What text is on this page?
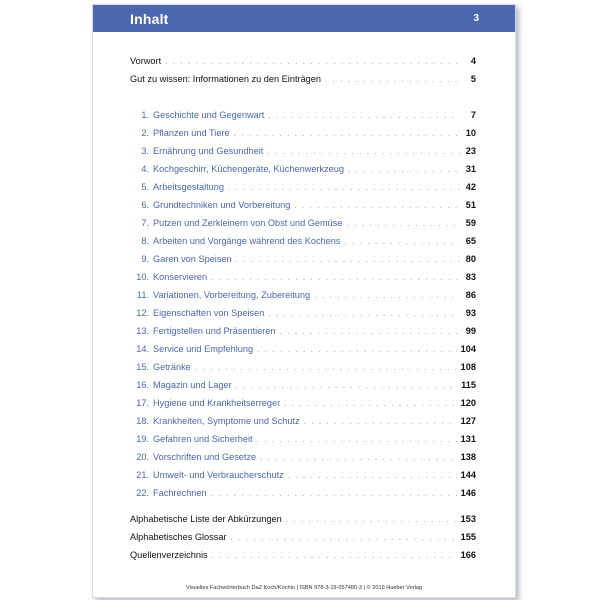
Inhalt	3
Vorwort . . .	4
Gut zu wissen: Informationen zu den Einträgen . . .	5
1. Geschichte und Gegenwart . . .	7
2. Pflanzen und Tiere . . .	10
3. Ernährung und Gesundheit . . .	23
4. Kochgeschirr, Küchengeräte, Küchenwerkzeug . . .	31
5. Arbeitsgestaltung . . .	42
6. Grundtechniken und Vorbereitung . . .	51
7. Putzen und Zerkleinern von Obst und Gemüse . . .	59
8. Arbeiten und Vorgänge während des Kochens . . .	65
9. Garen von Speisen . . .	80
10. Konservieren . . .	83
11. Variationen, Vorbereitung, Zubereitung . . .	86
12. Eigenschaften von Speisen . . .	93
13. Fertigstellen und Präsentieren . . .	99
14. Service und Empfehlung . . .	104
15. Getränke . . .	108
16. Magazin und Lager . . .	115
17. Hygiene und Krankheitserreger . . .	120
18. Krankheiten, Symptome und Schutz . . .	127
19. Gefahren und Sicherheit . . .	131
20. Vorschriften und Gesetze . . .	138
21. Umwelt- und Verbraucherschutz . . .	144
22. Fachrechnen . . .	146
Alphabetische Liste der Abkürzungen . . .	153
Alphabetisches Glossar . . .	155
Quellenverzeichnis . . .	166
Visuelles Fachwörterbuch DaZ Koch/Köchin | ISBN 978-3-19-057480-3 | © 2019 Hueber Verlag
